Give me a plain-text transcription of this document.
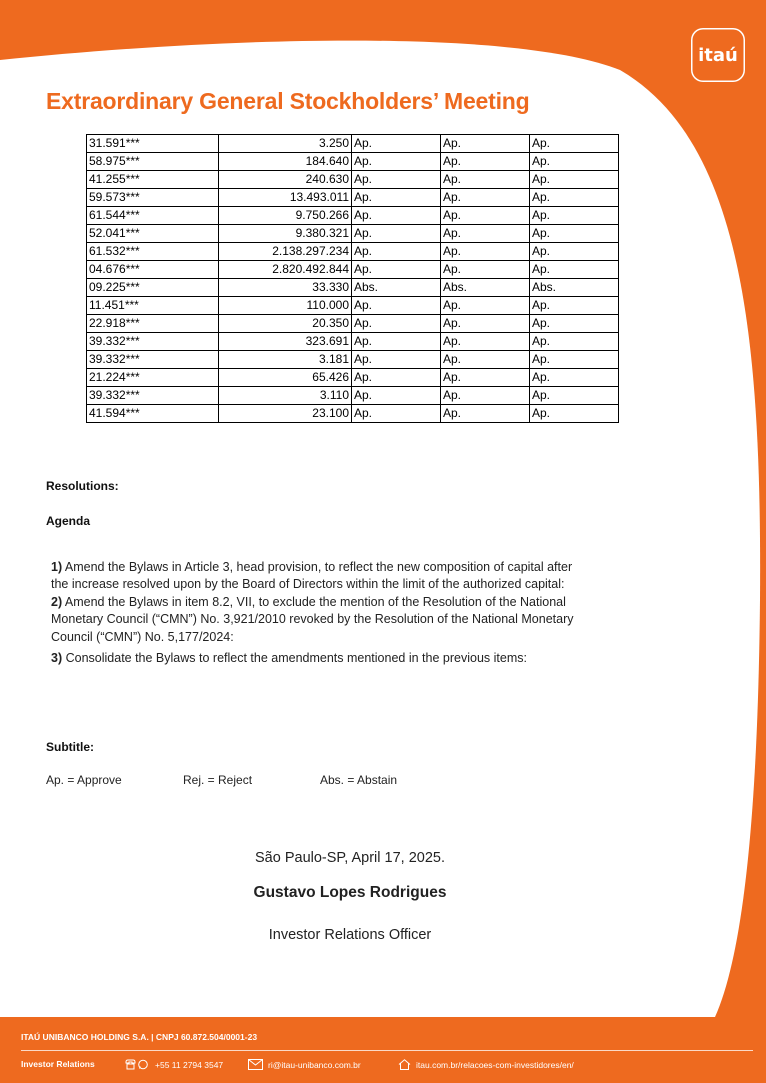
itaú
Extraordinary General Stockholders’ Meeting
31.591***	3.250	Ap.	Ap.	Ap.
58.975***	184.640	Ap.	Ap.	Ap.
41.255***	240.630	Ap.	Ap.	Ap.
59.573***	13.493.011	Ap.	Ap.	Ap.
61.544***	9.750.266	Ap.	Ap.	Ap.
52.041***	9.380.321	Ap.	Ap.	Ap.
61.532***	2.138.297.234	Ap.	Ap.	Ap.
04.676***	2.820.492.844	Ap.	Ap.	Ap.
09.225***	33.330	Abs.	Abs.	Abs.
11.451***	110.000	Ap.	Ap.	Ap.
22.918***	20.350	Ap.	Ap.	Ap.
39.332***	323.691	Ap.	Ap.	Ap.
39.332***	3.181	Ap.	Ap.	Ap.
21.224***	65.426	Ap.	Ap.	Ap.
39.332***	3.110	Ap.	Ap.	Ap.
41.594***	23.100	Ap.	Ap.	Ap.
Resolutions:
Agenda
1) Amend the Bylaws in Article 3, head provision, to reflect the new composition of capital after the increase resolved upon by the Board of Directors within the limit of the authorized capital:
2) Amend the Bylaws in item 8.2, VII, to exclude the mention of the Resolution of the National Monetary Council (“CMN”) No. 3,921/2010 revoked by the Resolution of the National Monetary Council (“CMN”) No. 5,177/2024:
3) Consolidate the Bylaws to reflect the amendments mentioned in the previous items:
Subtitle:
Ap. = Approve	Rej. = Reject	Abs. = Abstain
São Paulo-SP, April 17, 2025.
Gustavo Lopes Rodrigues
Investor Relations Officer
ITAÚ UNIBANCO HOLDING S.A. | CNPJ 60.872.504/0001-23
Investor Relations	+55 11 2794 3547	ri@itau-unibanco.com.br	itau.com.br/relacoes-com-investidores/en/
